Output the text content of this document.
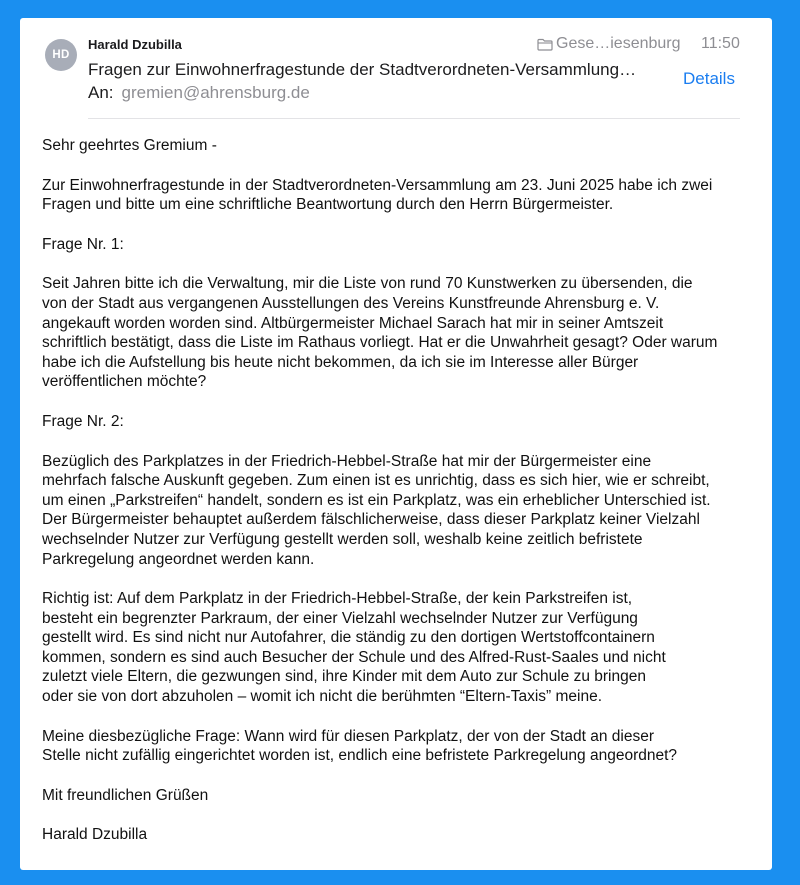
HD
Harald Dzubilla	Gese…iesenburg 11:50
Fragen zur Einwohnerfragestunde der Stadtverordneten-Versammlung…	Details
An: gremien@ahrensburg.de

Sehr geehrtes Gremium -

Zur Einwohnerfragestunde in der Stadtverordneten-Versammlung am 23. Juni 2025 habe ich zwei
Fragen und bitte um eine schriftliche Beantwortung durch den Herrn Bürgermeister.

Frage Nr. 1:

Seit Jahren bitte ich die Verwaltung, mir die Liste von rund 70 Kunstwerken zu übersenden, die
von der Stadt aus vergangenen Ausstellungen des Vereins Kunstfreunde Ahrensburg e. V.
angekauft worden worden sind. Altbürgermeister Michael Sarach hat mir in seiner Amtszeit
schriftlich bestätigt, dass die Liste im Rathaus vorliegt. Hat er die Unwahrheit gesagt? Oder warum
habe ich die Aufstellung bis heute nicht bekommen, da ich sie im Interesse aller Bürger
veröffentlichen möchte?

Frage Nr. 2:

Bezüglich des Parkplatzes in der Friedrich-Hebbel-Straße hat mir der Bürgermeister eine
mehrfach falsche Auskunft gegeben. Zum einen ist es unrichtig, dass es sich hier, wie er schreibt,
um einen „Parkstreifen“ handelt, sondern es ist ein Parkplatz, was ein erheblicher Unterschied ist.
Der Bürgermeister behauptet außerdem fälschlicherweise, dass dieser Parkplatz keiner Vielzahl
wechselnder Nutzer zur Verfügung gestellt werden soll, weshalb keine zeitlich befristete
Parkregelung angeordnet werden kann.

Richtig ist: Auf dem Parkplatz in der Friedrich-Hebbel-Straße, der kein Parkstreifen ist,
besteht ein begrenzter Parkraum, der einer Vielzahl wechselnder Nutzer zur Verfügung
gestellt wird. Es sind nicht nur Autofahrer, die ständig zu den dortigen Wertstoffcontainern
kommen, sondern es sind auch Besucher der Schule und des Alfred-Rust-Saales und nicht
zuletzt viele Eltern, die gezwungen sind, ihre Kinder mit dem Auto zur Schule zu bringen
oder sie von dort abzuholen – womit ich nicht die berühmten “Eltern-Taxis” meine.

Meine diesbezügliche Frage: Wann wird für diesen Parkplatz, der von der Stadt an dieser
Stelle nicht zufällig eingerichtet worden ist, endlich eine befristete Parkregelung angeordnet?

Mit freundlichen Grüßen

Harald Dzubilla
